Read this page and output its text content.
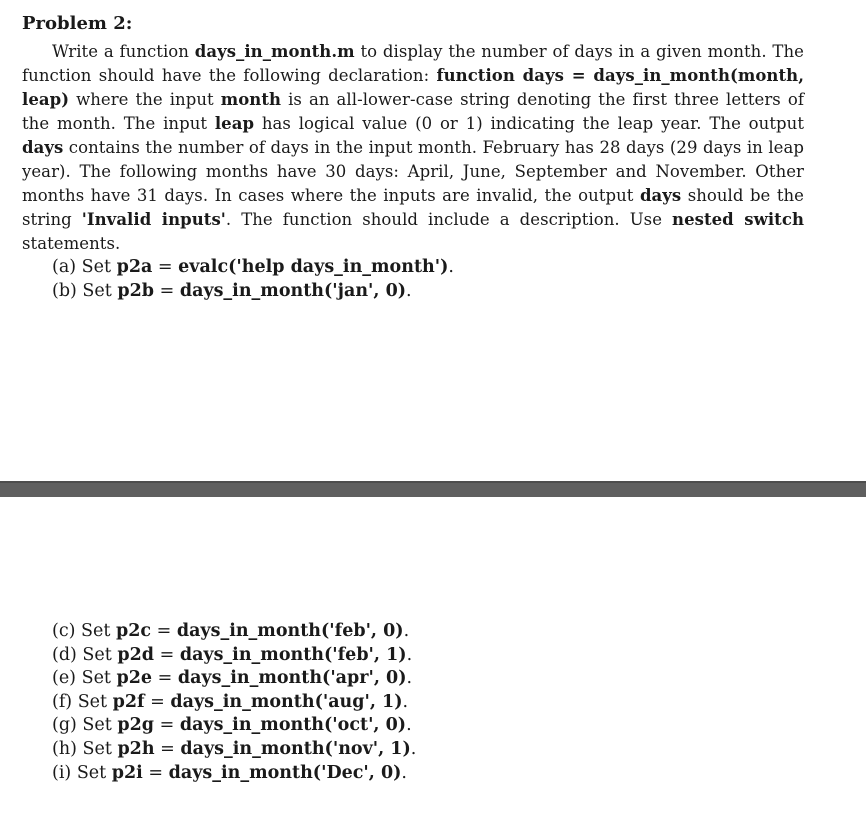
Problem 2:

Write a function days_in_month.m to display the number of days in a given month. The function should have the following declaration: function days = days_in_month(month, leap) where the input month is an all-lower-case string denoting the first three letters of the month. The input leap has logical value (0 or 1) indicating the leap year. The output days contains the number of days in the input month. February has 28 days (29 days in leap year). The following months have 30 days: April, June, September and November. Other months have 31 days. In cases where the inputs are invalid, the output days should be the string 'Invalid inputs'. The function should include a description. Use nested switch statements.

(a) Set p2a = evalc('help days_in_month').
(b) Set p2b = days_in_month('jan', 0).
(c) Set p2c = days_in_month('feb', 0).
(d) Set p2d = days_in_month('feb', 1).
(e) Set p2e = days_in_month('apr', 0).
(f) Set p2f = days_in_month('aug', 1).
(g) Set p2g = days_in_month('oct', 0).
(h) Set p2h = days_in_month('nov', 1).
(i) Set p2i = days_in_month('Dec', 0).
